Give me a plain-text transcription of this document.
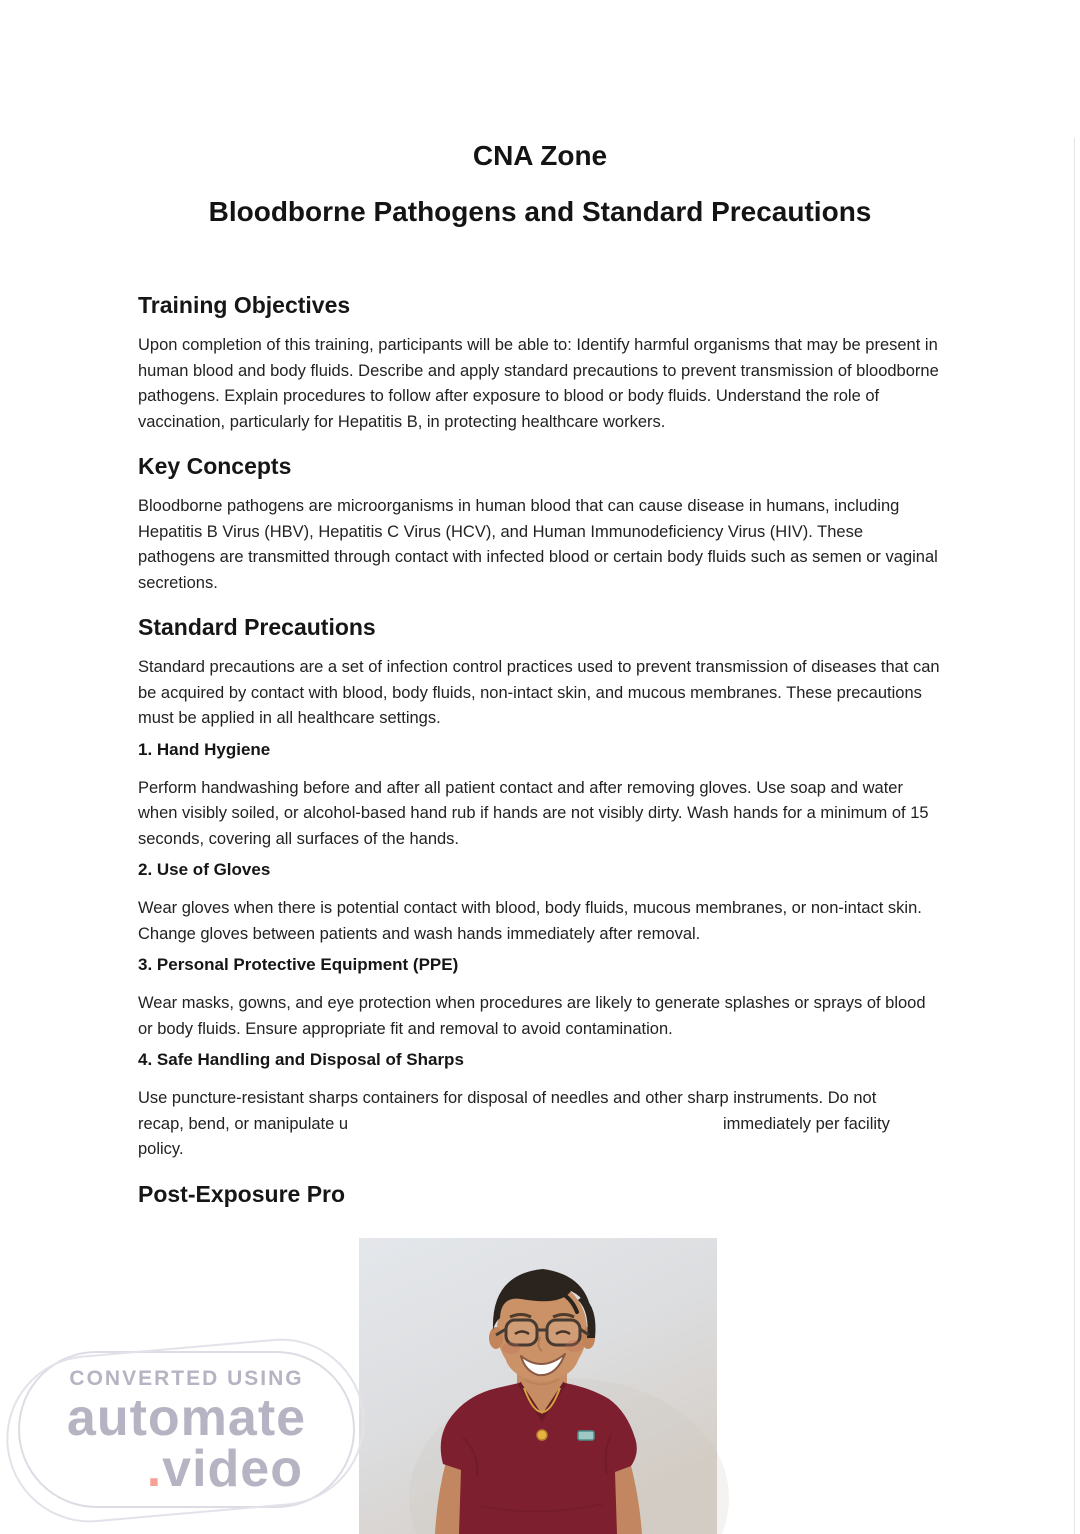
CNA Zone
Bloodborne Pathogens and Standard Precautions
Training Objectives

Upon completion of this training, participants will be able to: Identify harmful organisms that may be present in human blood and body fluids. Describe and apply standard precautions to prevent transmission of bloodborne pathogens. Explain procedures to follow after exposure to blood or body fluids. Understand the role of vaccination, particularly for Hepatitis B, in protecting healthcare workers.

Key Concepts

Bloodborne pathogens are microorganisms in human blood that can cause disease in humans, including Hepatitis B Virus (HBV), Hepatitis C Virus (HCV), and Human Immunodeficiency Virus (HIV). These pathogens are transmitted through contact with infected blood or certain body fluids such as semen or vaginal secretions.

Standard Precautions

Standard precautions are a set of infection control practices used to prevent transmission of diseases that can be acquired by contact with blood, body fluids, non-intact skin, and mucous membranes. These precautions must be applied in all healthcare settings.

1. Hand Hygiene

Perform handwashing before and after all patient contact and after removing gloves. Use soap and water when visibly soiled, or alcohol-based hand rub if hands are not visibly dirty. Wash hands for a minimum of 15 seconds, covering all surfaces of the hands.

2. Use of Gloves

Wear gloves when there is potential contact with blood, body fluids, mucous membranes, or non-intact skin. Change gloves between patients and wash hands immediately after removal.

3. Personal Protective Equipment (PPE)

Wear masks, gowns, and eye protection when procedures are likely to generate splashes or sprays of blood or body fluids. Ensure appropriate fit and removal to avoid contamination.

4. Safe Handling and Disposal of Sharps
Use puncture-resistant sharps containers for disposal of needles and other sharp instruments. Do not
recap, bend, or manipulate u	immediately per facility
policy.
Post-Exposure Pro
CONVERTED USING
automate
.video
